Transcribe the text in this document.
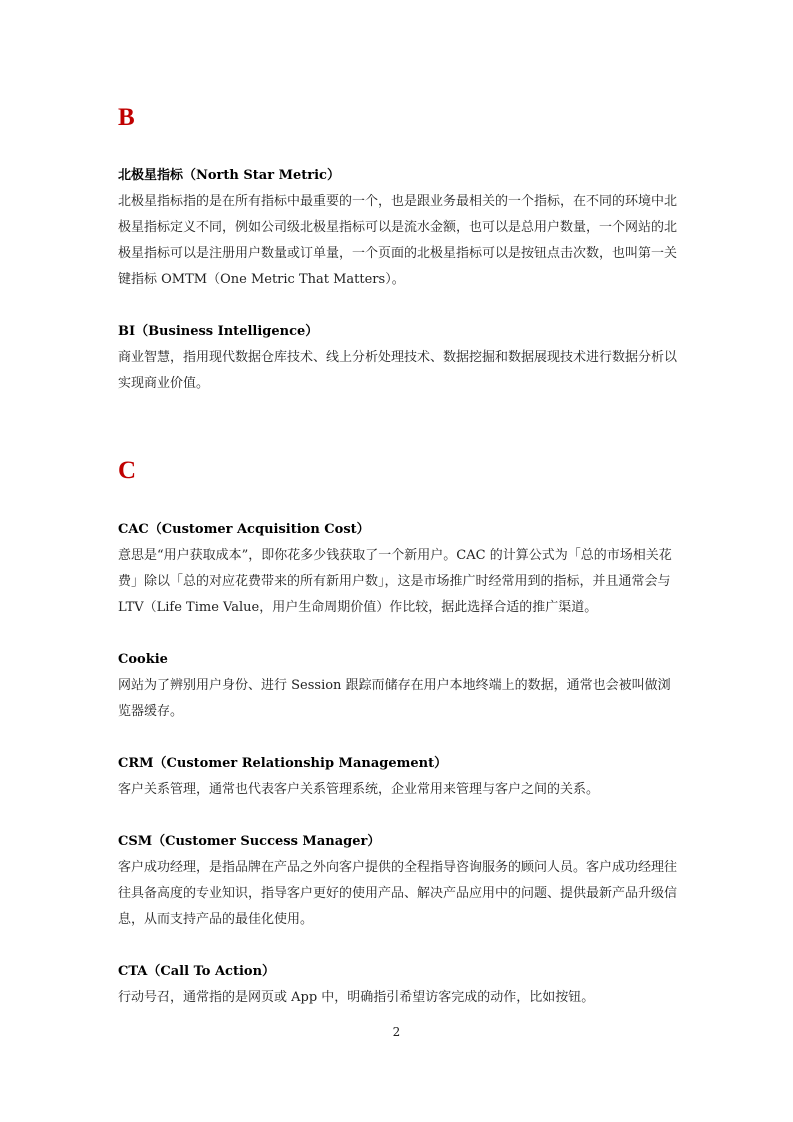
B

北极星指标（North Star Metric）

北极星指标指的是在所有指标中最重要的一个，也是跟业务最相关的一个指标，在不同的环境中北极星指标定义不同，例如公司级北极星指标可以是流水金额，也可以是总用户数量，一个网站的北极星指标可以是注册用户数量或订单量，一个页面的北极星指标可以是按钮点击次数，也叫第一关键指标 OMTM（One Metric That Matters）。

BI（Business Intelligence）

商业智慧，指用现代数据仓库技术、线上分析处理技术、数据挖掘和数据展现技术进行数据分析以实现商业价值。

C

CAC（Customer Acquisition Cost）

意思是“用户获取成本”，即你花多少钱获取了一个新用户。CAC 的计算公式为「总的市场相关花费」除以「总的对应花费带来的所有新用户数」，这是市场推广时经常用到的指标，并且通常会与 LTV（Life Time Value，用户生命周期价值）作比较，据此选择合适的推广渠道。

Cookie

网站为了辨别用户身份、进行 Session 跟踪而储存在用户本地终端上的数据，通常也会被叫做浏览器缓存。

CRM（Customer Relationship Management）

客户关系管理，通常也代表客户关系管理系统，企业常用来管理与客户之间的关系。

CSM（Customer Success Manager）

客户成功经理，是指品牌在产品之外向客户提供的全程指导咨询服务的顾问人员。客户成功经理往往具备高度的专业知识，指导客户更好的使用产品、解决产品应用中的问题、提供最新产品升级信息，从而支持产品的最佳化使用。

CTA（Call To Action）

行动号召，通常指的是网页或 App 中，明确指引希望访客完成的动作，比如按钮。

2
